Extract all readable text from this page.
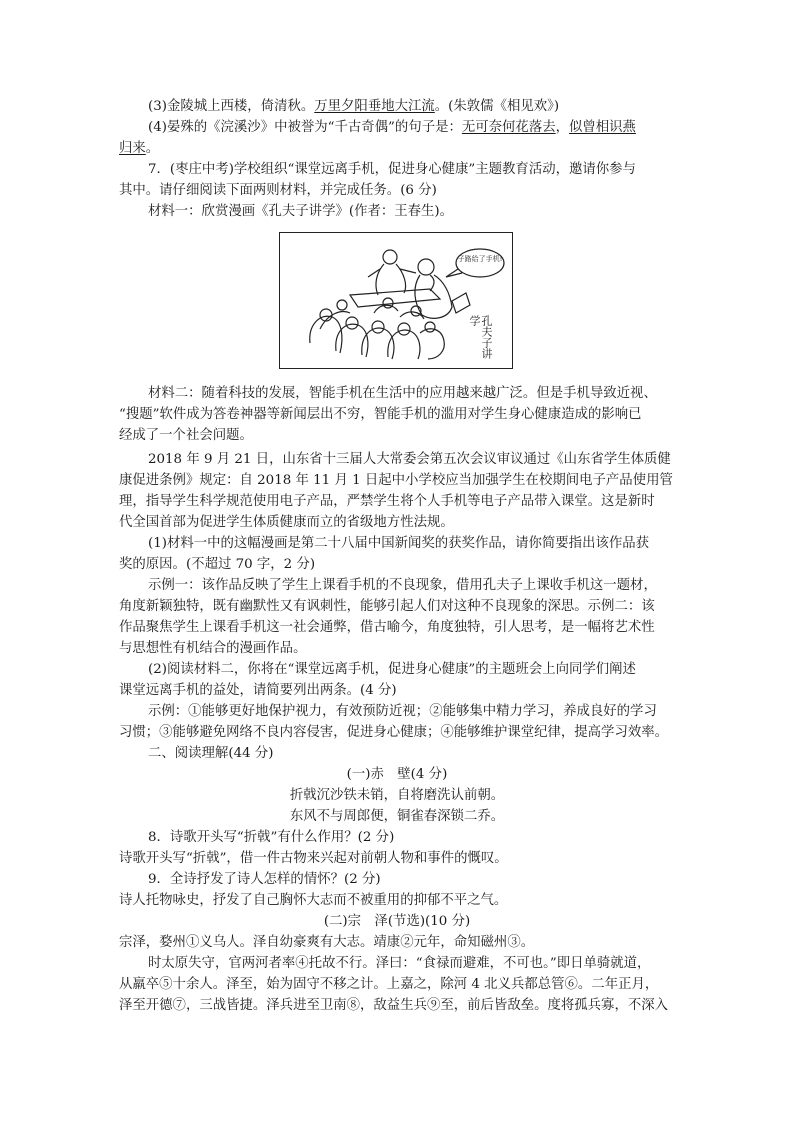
(3)金陵城上西楼，倚清秋。万里夕阳垂地大江流。(朱敦儒《相见欢》)
(4)晏殊的《浣溪沙》中被誉为“千古奇偶”的句子是：无可奈何花落去，似曾相识燕
归来。
7．(枣庄中考)学校组织“课堂远离手机，促进身心健康”主题教育活动，邀请你参与
其中。请仔细阅读下面两则材料，并完成任务。(6 分)
材料一：欣赏漫画《孔夫子讲学》(作者：王春生)。
子路给了手机!
孔夫子讲学
材料二：随着科技的发展，智能手机在生活中的应用越来越广泛。但是手机导致近视、
“搜题”软件成为答卷神器等新闻层出不穷，智能手机的滥用对学生身心健康造成的影响已
经成了一个社会问题。
2018 年 9 月 21 日，山东省十三届人大常委会第五次会议审议通过《山东省学生体质健
康促进条例》规定：自 2018 年 11 月 1 日起中小学校应当加强学生在校期间电子产品使用管
理，指导学生科学规范使用电子产品，严禁学生将个人手机等电子产品带入课堂。这是新时
代全国首部为促进学生体质健康而立的省级地方性法规。
(1)材料一中的这幅漫画是第二十八届中国新闻奖的获奖作品，请你简要指出该作品获
奖的原因。(不超过 70 字，2 分)
示例一：该作品反映了学生上课看手机的不良现象，借用孔夫子上课收手机这一题材，
角度新颖独特，既有幽默性又有讽刺性，能够引起人们对这种不良现象的深思。示例二：该
作品聚焦学生上课看手机这一社会通弊，借古喻今，角度独特，引人思考，是一幅将艺术性
与思想性有机结合的漫画作品。
(2)阅读材料二，你将在“课堂远离手机，促进身心健康”的主题班会上向同学们阐述
课堂远离手机的益处，请简要列出两条。(4 分)
示例：①能够更好地保护视力，有效预防近视；②能够集中精力学习，养成良好的学习
习惯；③能够避免网络不良内容侵害，促进身心健康；④能够维护课堂纪律，提高学习效率。
二、阅读理解(44 分)
(一)赤　壁(4 分)
折戟沉沙铁未销，自将磨洗认前朝。
东风不与周郎便，铜雀春深锁二乔。
8．诗歌开头写“折戟”有什么作用？(2 分)
诗歌开头写“折戟”，借一件古物来兴起对前朝人物和事件的慨叹。
9．全诗抒发了诗人怎样的情怀？(2 分)
诗人托物咏史，抒发了自己胸怀大志而不被重用的抑郁不平之气。
(二)宗　泽(节选)(10 分)
宗泽，婺州①义乌人。泽自幼豪爽有大志。靖康②元年，命知磁州③。
时太原失守，官两河者率④托故不行。泽曰：“食禄而避难，不可也。”即日单骑就道，
从羸卒⑤十余人。泽至，始为固守不移之计。上嘉之，除河 4 北义兵都总管⑥。二年正月，
泽至开德⑦，三战皆捷。泽兵进至卫南⑧，敌益生兵⑨至，前后皆敌垒。度将孤兵寡，不深入
